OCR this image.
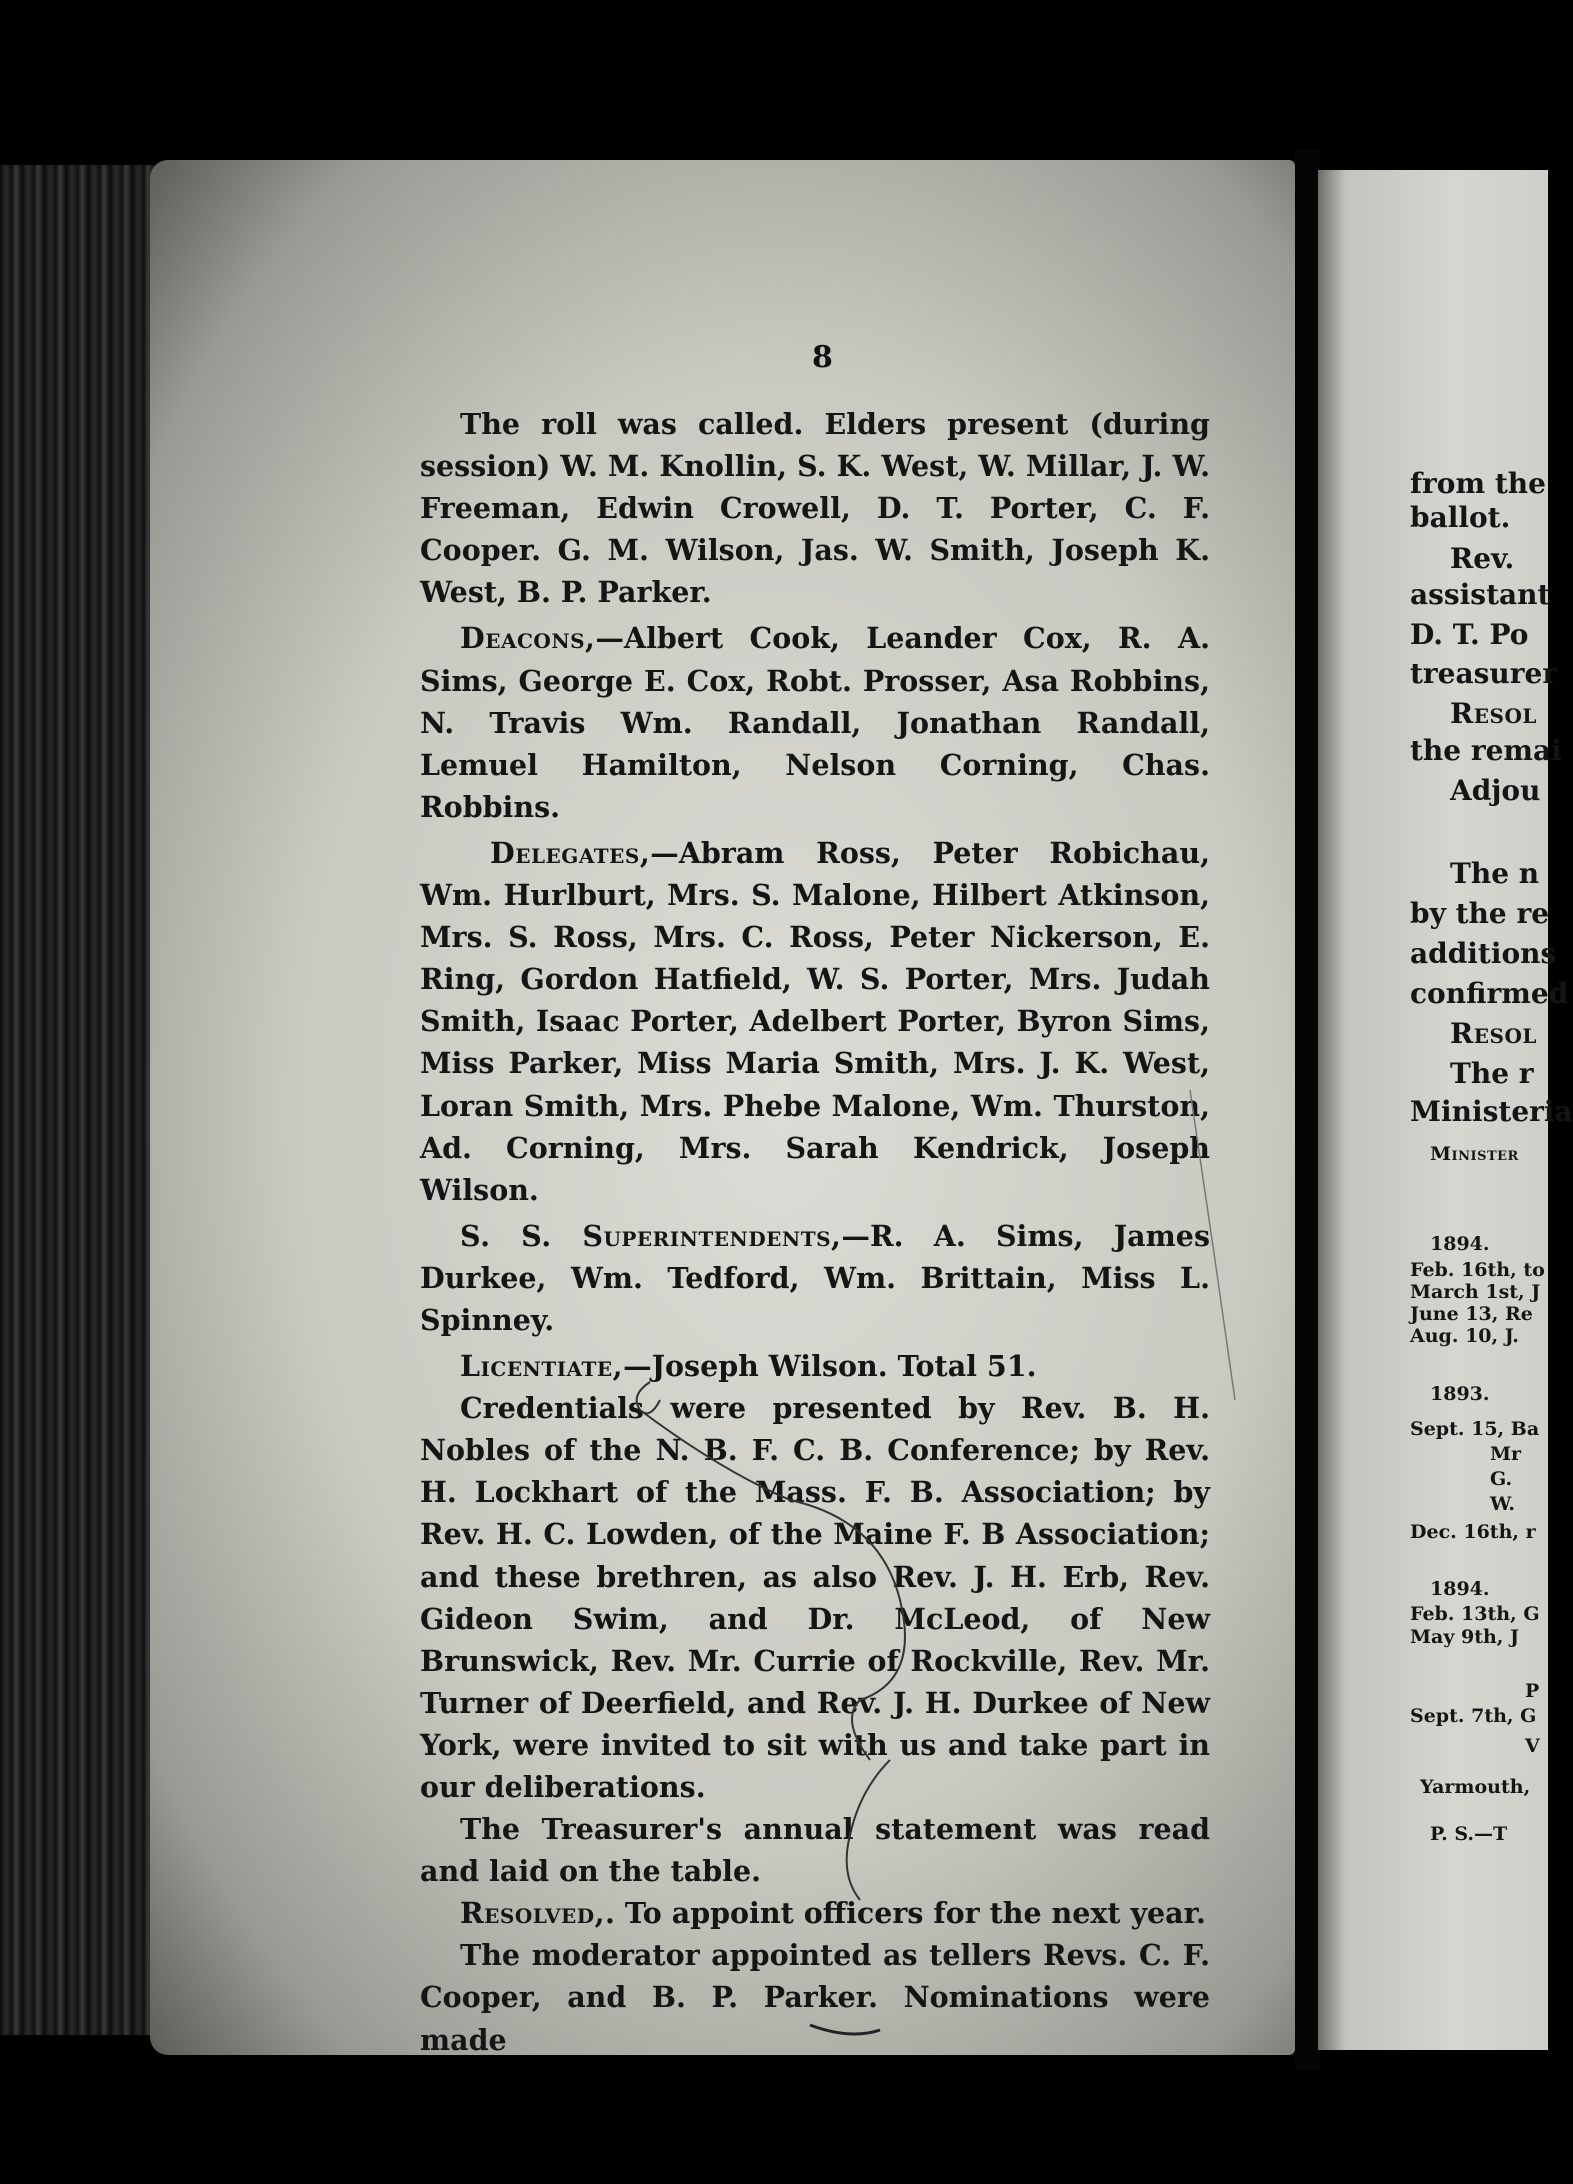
8

The roll was called. Elders present (during session) W. M. Knollin, S. K. West, W. Millar, J. W. Freeman, Edwin Crowell, D. T. Porter, C. F. Cooper. G. M. Wilson, Jas. W. Smith, Joseph K. West, B. P. Parker.

Deacons,—Albert Cook, Leander Cox, R. A. Sims, George E. Cox, Robt. Prosser, Asa Robbins, N. Travis Wm. Randall, Jonathan Randall, Lemuel Hamilton, Nelson Corning, Chas. Robbins.

Delegates,—Abram Ross, Peter Robichau, Wm. Hurlburt, Mrs. S. Malone, Hilbert Atkinson, Mrs. S. Ross, Mrs. C. Ross, Peter Nickerson, E. Ring, Gordon Hatfield, W. S. Porter, Mrs. Judah Smith, Isaac Porter, Adelbert Porter, Byron Sims, Miss Parker, Miss Maria Smith, Mrs. J. K. West, Loran Smith, Mrs. Phebe Malone, Wm. Thurston, Ad. Corning, Mrs. Sarah Kendrick, Joseph Wilson.

S. S. Superintendents,—R. A. Sims, James Durkee, Wm. Tedford, Wm. Brittain, Miss L. Spinney.

Licentiate,—Joseph Wilson. Total 51.

Credentials were presented by Rev. B. H. Nobles of the N. B. F. C. B. Conference; by Rev. H. Lockhart of the Mass. F. B. Association; by Rev. H. C. Lowden, of the Maine F. B Association; and these brethren, as also Rev. J. H. Erb, Rev. Gideon Swim, and Dr. McLeod, of New Brunswick, Rev. Mr. Currie of Rockville, Rev. Mr. Turner of Deerfield, and Rev. J. H. Durkee of New York, were invited to sit with us and take part in our deliberations.

The Treasurer's annual statement was read and laid on the table.

Resolved,. To appoint officers for the next year.

The moderator appointed as tellers Revs. C. F. Cooper, and B. P. Parker. Nominations were made

from the
ballot.
Rev.
assistant
D. T. Po
treasurer
Resol
the remai
Adjou
The n
by the re
additions
confirmed
Resol
The r
Ministeria
Minister
1894.
Feb. 16th, to
March 1st, J
June 13, Re
Aug. 10, J.
1893.
Sept. 15, Ba
Mr
G.
W.
Dec. 16th, r
1894.
Feb. 13th, G
May 9th, J
P
Sept. 7th, G
V
Yarmouth,
P. S.—T
